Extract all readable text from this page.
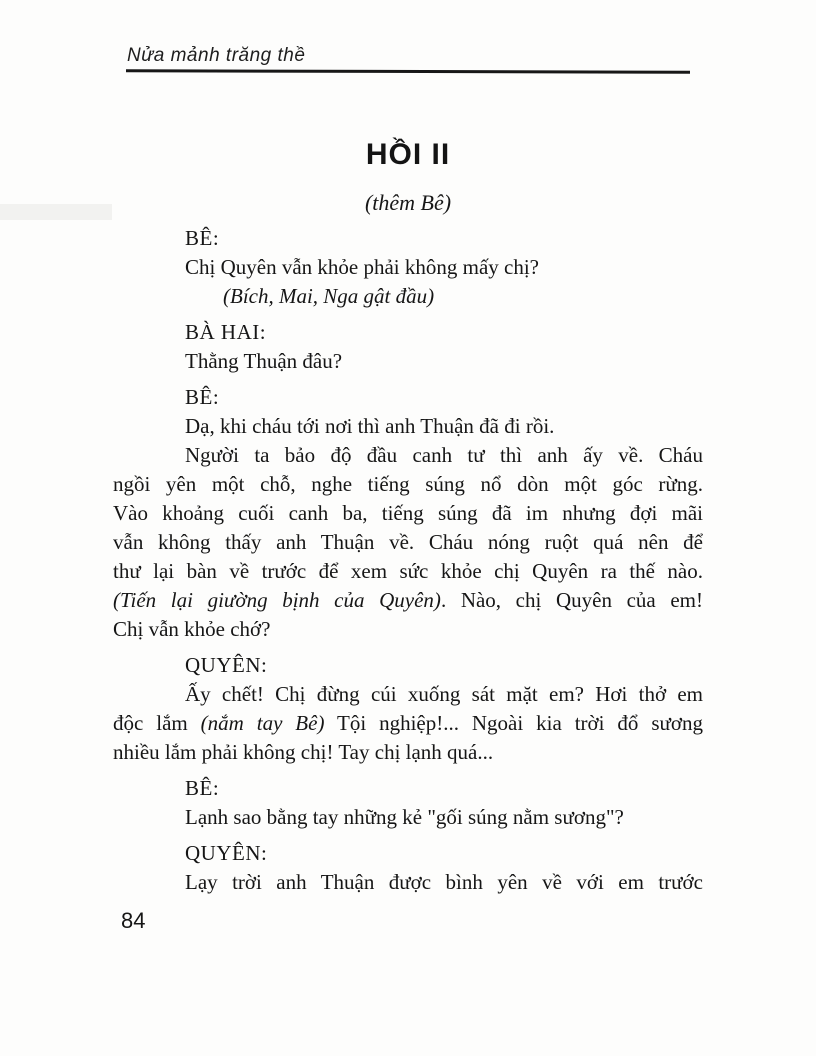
Nửa mảnh trăng thề
HỒI II
(thêm Bê)
BÊ:
Chị Quyên vẫn khỏe phải không mấy chị?
(Bích, Mai, Nga gật đầu)
BÀ HAI:
Thằng Thuận đâu?
BÊ:
Dạ, khi cháu tới nơi thì anh Thuận đã đi rồi.
Người ta bảo độ đầu canh tư thì anh ấy về. Cháu
ngồi yên một chỗ, nghe tiếng súng nổ dòn một góc rừng.
Vào khoảng cuối canh ba, tiếng súng đã im nhưng đợi mãi
vẫn không thấy anh Thuận về. Cháu nóng ruột quá nên để
thư lại bàn về trước để xem sức khỏe chị Quyên ra thế nào.
(Tiến lại giường bịnh của Quyên). Nào, chị Quyên của em!
Chị vẫn khỏe chớ?
QUYÊN:
Ấy chết! Chị đừng cúi xuống sát mặt em? Hơi thở em
độc lắm (nắm tay Bê) Tội nghiệp!... Ngoài kia trời đổ sương
nhiều lắm phải không chị! Tay chị lạnh quá...
BÊ:
Lạnh sao bằng tay những kẻ "gối súng nằm sương"?
QUYÊN:
Lạy trời anh Thuận được bình yên về với em trước
84
